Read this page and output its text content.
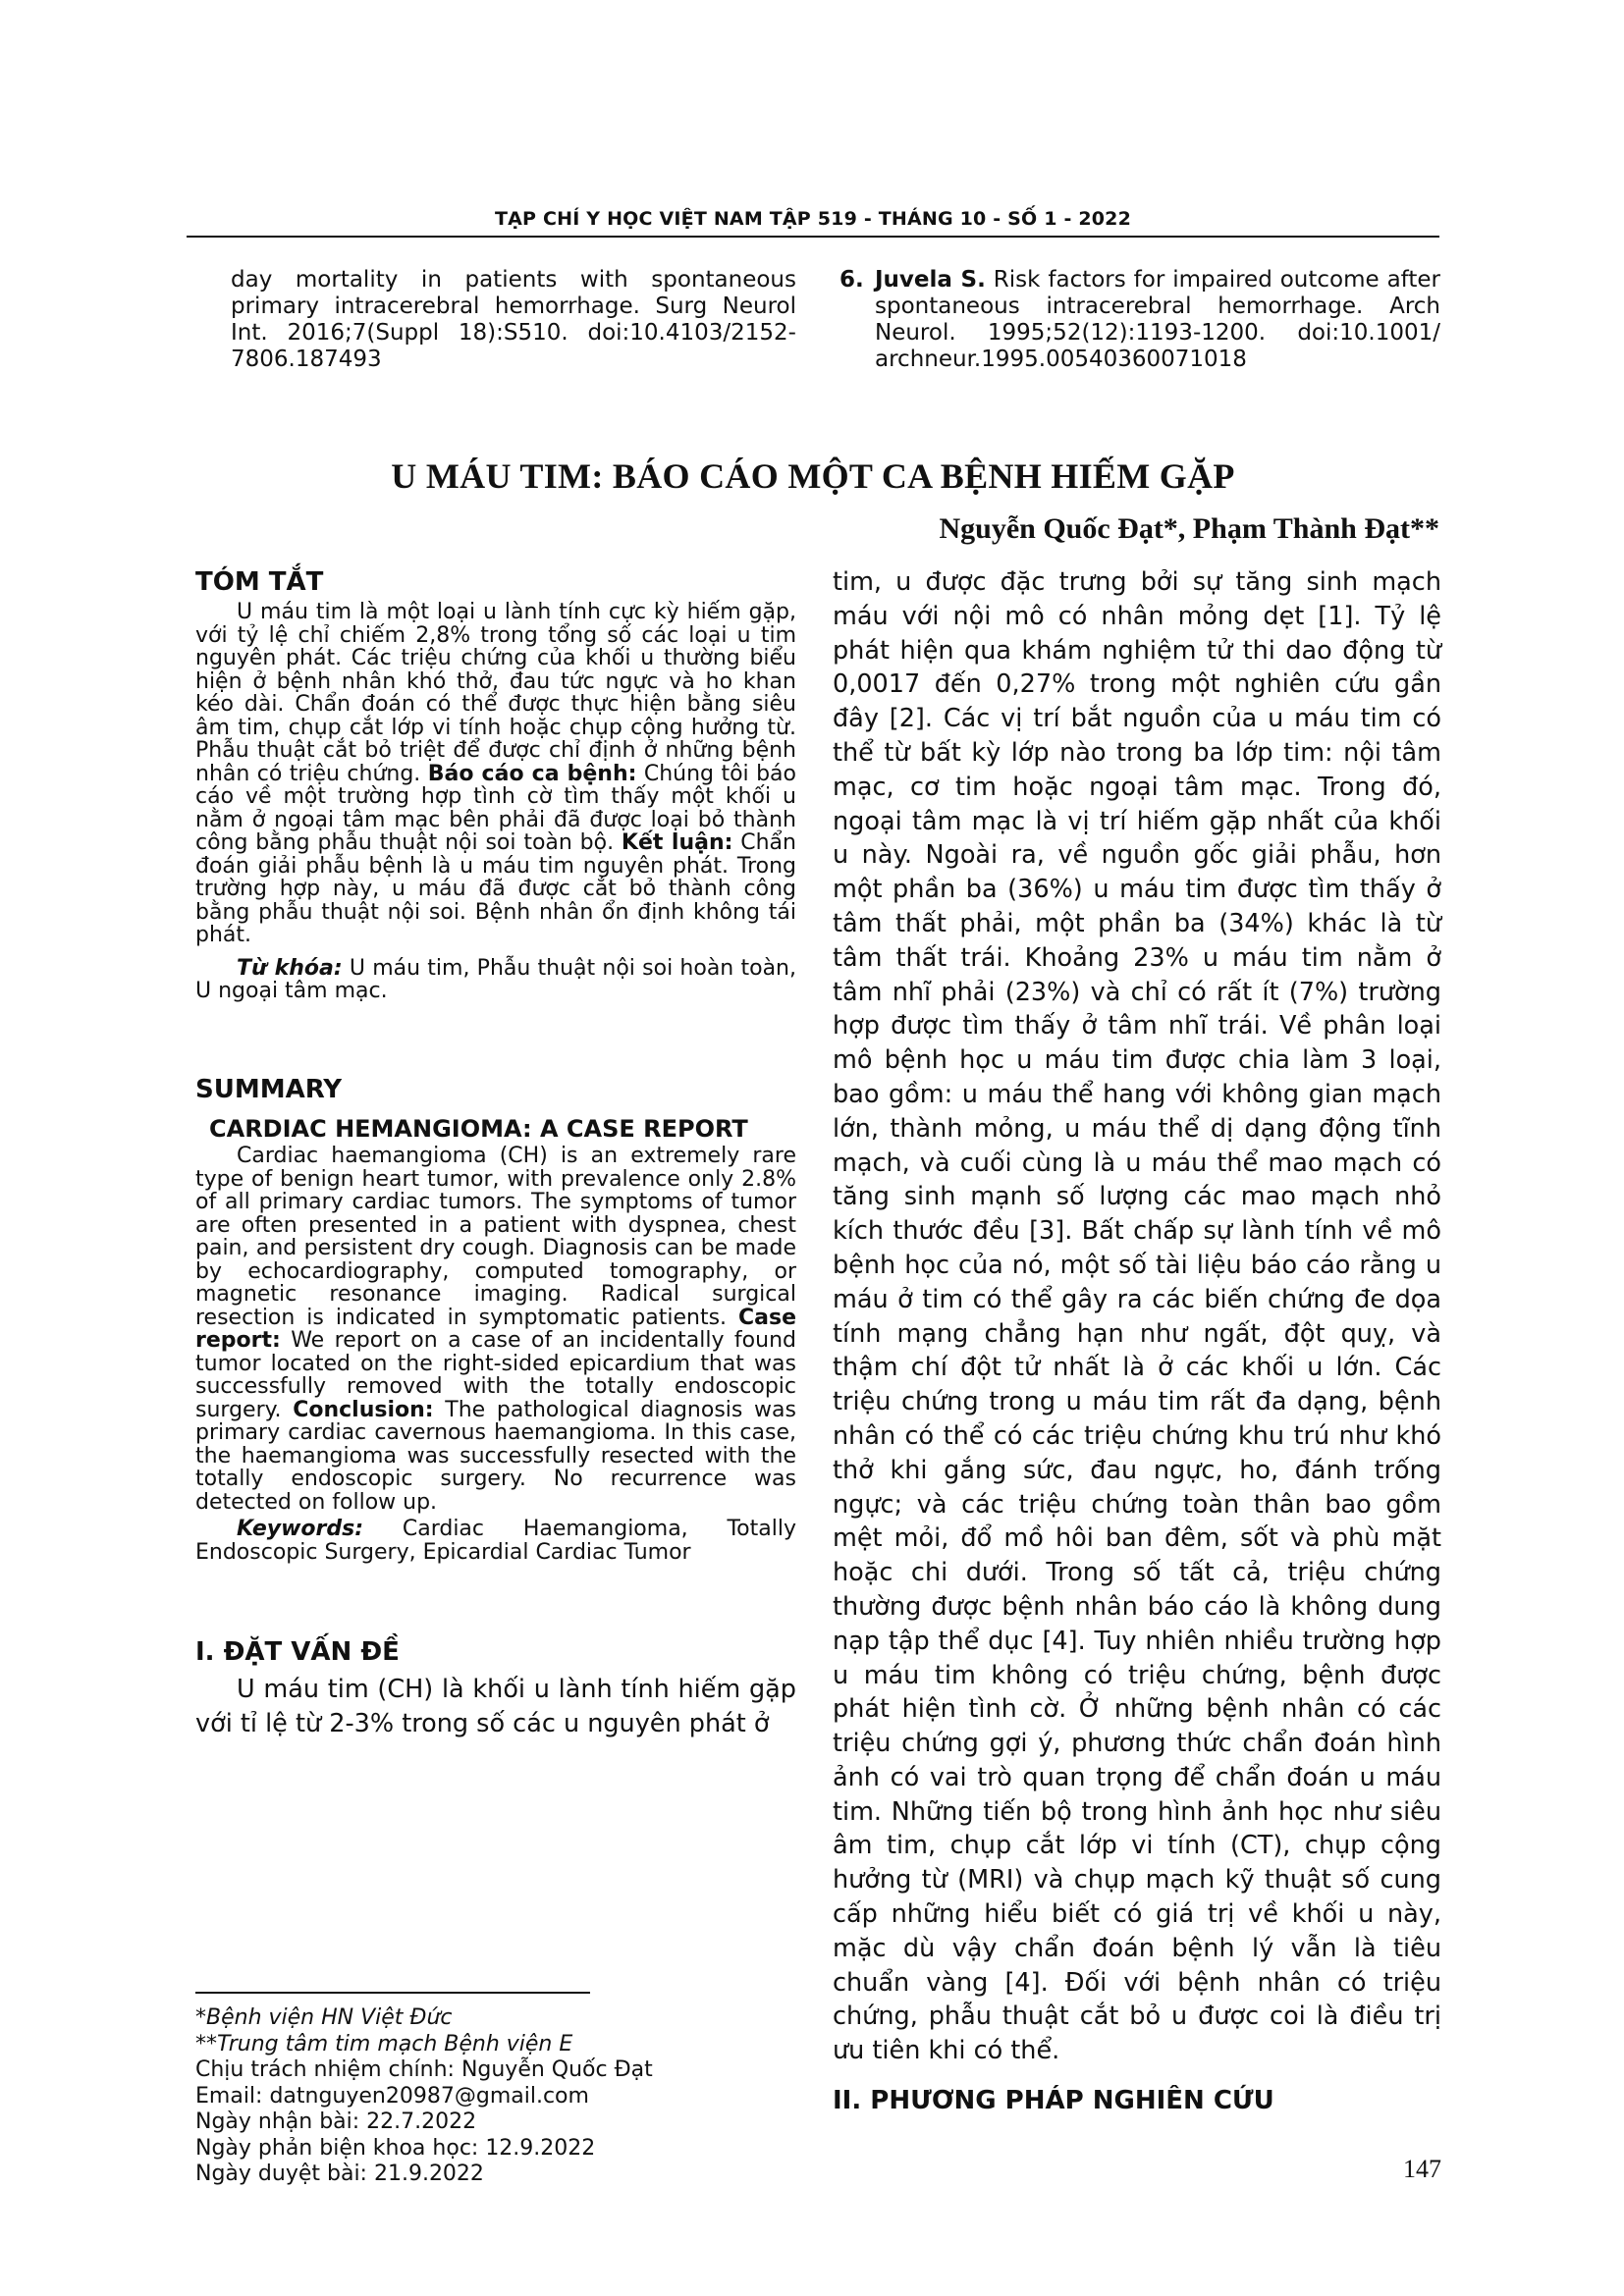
TẠP CHÍ Y HỌC VIỆT NAM TẬP 519 - THÁNG 10 - SỐ 1 - 2022

day mortality in patients with spontaneous primary intracerebral hemorrhage. Surg Neurol Int. 2016;7(Suppl 18):S510. doi:10.4103/2152-7806.187493

6. Juvela S. Risk factors for impaired outcome after spontaneous intracerebral hemorrhage. Arch Neurol. 1995;52(12):1193-1200. doi:10.1001/ archneur.1995.00540360071018

U MÁU TIM: BÁO CÁO MỘT CA BỆNH HIẾM GẶP
Nguyễn Quốc Đạt*, Phạm Thành Đạt**
TÓM TẮT

U máu tim là một loại u lành tính cực kỳ hiếm gặp, với tỷ lệ chỉ chiếm 2,8% trong tổng số các loại u tim nguyên phát. Các triệu chứng của khối u thường biểu hiện ở bệnh nhân khó thở, đau tức ngực và ho khan kéo dài. Chẩn đoán có thể được thực hiện bằng siêu âm tim, chụp cắt lớp vi tính hoặc chụp cộng hưởng từ. Phẫu thuật cắt bỏ triệt để được chỉ định ở những bệnh nhân có triệu chứng. Báo cáo ca bệnh: Chúng tôi báo cáo về một trường hợp tình cờ tìm thấy một khối u nằm ở ngoại tâm mạc bên phải đã được loại bỏ thành công bằng phẫu thuật nội soi toàn bộ. Kết luận: Chẩn đoán giải phẫu bệnh là u máu tim nguyên phát. Trong trường hợp này, u máu đã được cắt bỏ thành công bằng phẫu thuật nội soi. Bệnh nhân ổn định không tái phát.

Từ khóa: U máu tim, Phẫu thuật nội soi hoàn toàn, U ngoại tâm mạc.

SUMMARY
CARDIAC HEMANGIOMA: A CASE REPORT

Cardiac haemangioma (CH) is an extremely rare type of benign heart tumor, with prevalence only 2.8% of all primary cardiac tumors. The symptoms of tumor are often presented in a patient with dyspnea, chest pain, and persistent dry cough. Diagnosis can be made by echocardiography, computed tomography, or magnetic resonance imaging. Radical surgical resection is indicated in symptomatic patients. Case report: We report on a case of an incidentally found tumor located on the right-sided epicardium that was successfully removed with the totally endoscopic surgery. Conclusion: The pathological diagnosis was primary cardiac cavernous haemangioma. In this case, the haemangioma was successfully resected with the totally endoscopic surgery. No recurrence was detected on follow up.

Keywords: Cardiac Haemangioma, Totally Endoscopic Surgery, Epicardial Cardiac Tumor

I. ĐẶT VẤN ĐỀ

U máu tim (CH) là khối u lành tính hiếm gặp với tỉ lệ từ 2-3% trong số các u nguyên phát ở

*Bệnh viện HN Việt Đức
**Trung tâm tim mạch Bệnh viện E
Chịu trách nhiệm chính: Nguyễn Quốc Đạt
Email: datnguyen20987@gmail.com
Ngày nhận bài: 22.7.2022
Ngày phản biện khoa học: 12.9.2022
Ngày duyệt bài: 21.9.2022

tim, u được đặc trưng bởi sự tăng sinh mạch máu với nội mô có nhân mỏng dẹt [1]. Tỷ lệ phát hiện qua khám nghiệm tử thi dao động từ 0,0017 đến 0,27% trong một nghiên cứu gần đây [2]. Các vị trí bắt nguồn của u máu tim có thể từ bất kỳ lớp nào trong ba lớp tim: nội tâm mạc, cơ tim hoặc ngoại tâm mạc. Trong đó, ngoại tâm mạc là vị trí hiếm gặp nhất của khối u này. Ngoài ra, về nguồn gốc giải phẫu, hơn một phần ba (36%) u máu tim được tìm thấy ở tâm thất phải, một phần ba (34%) khác là từ tâm thất trái. Khoảng 23% u máu tim nằm ở tâm nhĩ phải (23%) và chỉ có rất ít (7%) trường hợp được tìm thấy ở tâm nhĩ trái. Về phân loại mô bệnh học u máu tim được chia làm 3 loại, bao gồm: u máu thể hang với không gian mạch lớn, thành mỏng, u máu thể dị dạng động tĩnh mạch, và cuối cùng là u máu thể mao mạch có tăng sinh mạnh số lượng các mao mạch nhỏ kích thước đều [3]. Bất chấp sự lành tính về mô bệnh học của nó, một số tài liệu báo cáo rằng u máu ở tim có thể gây ra các biến chứng đe dọa tính mạng chẳng hạn như ngất, đột quỵ, và thậm chí đột tử nhất là ở các khối u lớn. Các triệu chứng trong u máu tim rất đa dạng, bệnh nhân có thể có các triệu chứng khu trú như khó thở khi gắng sức, đau ngực, ho, đánh trống ngực; và các triệu chứng toàn thân bao gồm mệt mỏi, đổ mồ hôi ban đêm, sốt và phù mặt hoặc chi dưới. Trong số tất cả, triệu chứng thường được bệnh nhân báo cáo là không dung nạp tập thể dục [4]. Tuy nhiên nhiều trường hợp u máu tim không có triệu chứng, bệnh được phát hiện tình cờ. Ở những bệnh nhân có các triệu chứng gợi ý, phương thức chẩn đoán hình ảnh có vai trò quan trọng để chẩn đoán u máu tim. Những tiến bộ trong hình ảnh học như siêu âm tim, chụp cắt lớp vi tính (CT), chụp cộng hưởng từ (MRI) và chụp mạch kỹ thuật số cung cấp những hiểu biết có giá trị về khối u này, mặc dù vậy chẩn đoán bệnh lý vẫn là tiêu chuẩn vàng [4]. Đối với bệnh nhân có triệu chứng, phẫu thuật cắt bỏ u được coi là điều trị ưu tiên khi có thể.

II. PHƯƠNG PHÁP NGHIÊN CỨU
147
